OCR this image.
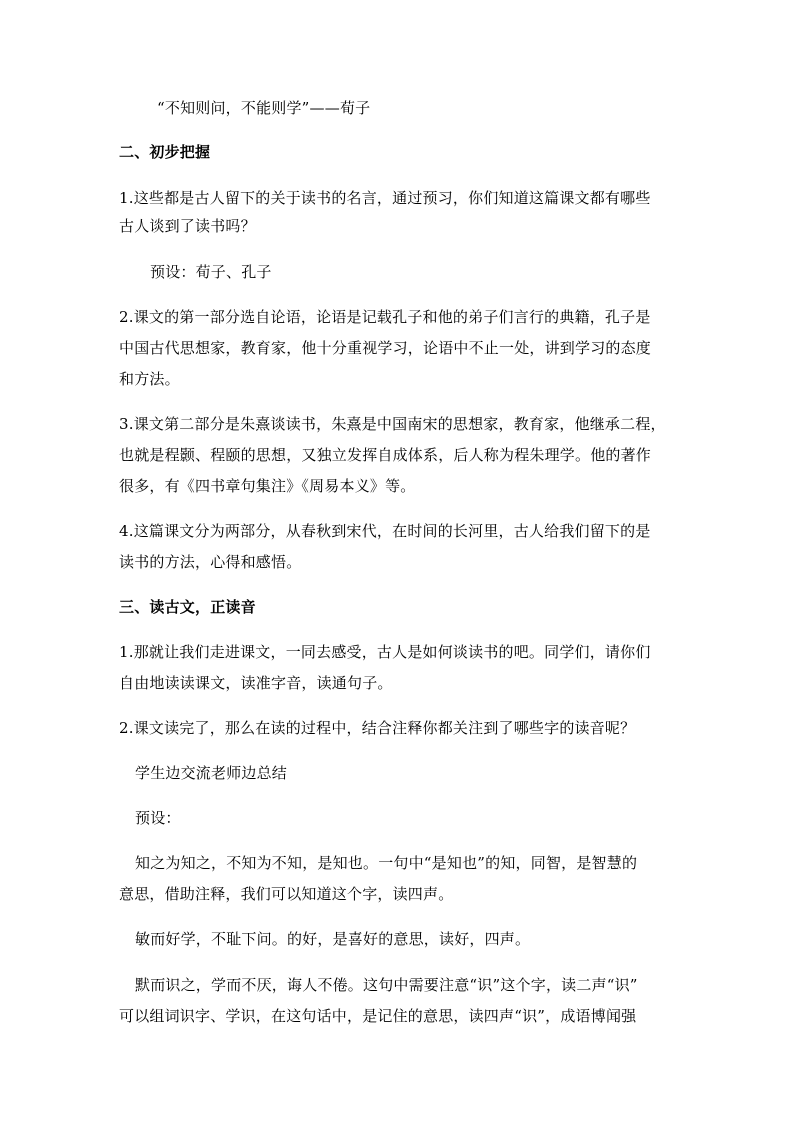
“不知则问，不能则学”——荀子
二、初步把握
1.这些都是古人留下的关于读书的名言，通过预习，你们知道这篇课文都有哪些
古人谈到了读书吗？
预设：荀子、孔子
2.课文的第一部分选自论语，论语是记载孔子和他的弟子们言行的典籍，孔子是
中国古代思想家，教育家，他十分重视学习，论语中不止一处，讲到学习的态度
和方法。
3.课文第二部分是朱熹谈读书，朱熹是中国南宋的思想家，教育家，他继承二程，
也就是程颢、程颐的思想，又独立发挥自成体系，后人称为程朱理学。他的著作
很多，有《四书章句集注》《周易本义》等。
4.这篇课文分为两部分，从春秋到宋代，在时间的长河里，古人给我们留下的是
读书的方法，心得和感悟。
三、读古文，正读音
1.那就让我们走进课文，一同去感受，古人是如何谈读书的吧。同学们，请你们
自由地读读课文，读准字音，读通句子。
2.课文读完了，那么在读的过程中，结合注释你都关注到了哪些字的读音呢？
学生边交流老师边总结
预设：
知之为知之，不知为不知，是知也。一句中“是知也”的知，同智，是智慧的
意思，借助注释，我们可以知道这个字，读四声。
敏而好学，不耻下问。的好，是喜好的意思，读好，四声。
默而识之，学而不厌，诲人不倦。这句中需要注意“识”这个字，读二声“识”
可以组词识字、学识，在这句话中，是记住的意思，读四声“识”，成语博闻强
